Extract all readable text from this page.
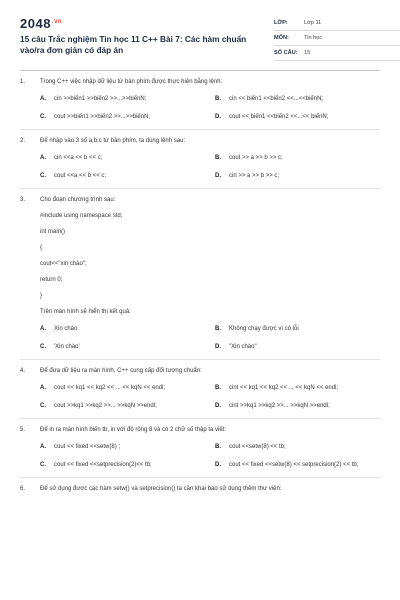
$2048^{.vn}$
15 câu Trắc nghiệm Tin học 11 C++ Bài 7: Các hàm chuẩn vào/ra đơn giản có đáp án
LỚP:	Lớp 11
MÔN:	Tin học
SỐ CÂU:	15
1.	Trong C++ việc nhập dữ liệu từ bàn phím được thực hiện bằng lệnh:
A.	cin >>biến1 >>biến2 >>...>>biếnN;	B.	cin << biến1 <<biến2 <<...<<biếnN;
C.	cout >>biến1 >>biến2 >>...>>biếnN;	D.	cout << biến1 <<biến2 <<...<< biếnN;
2.	Để nhập vào 3 số a,b,c từ bàn phím, ta dùng lệnh sau:
A.	cin <<a << b << c;	B.	cout >> a >> b >> c;
C.	cout <<a << b << c;	D.	cin >> a >> b >> c;
3.	Cho đoạn chương trình sau:
#include using namespace std;
int main()
{
cout<<"xin chào";
return 0;
}
Trên màn hình sẽ hiển thị kết quả:
A.	Xin chào	B.	Không chạy được vì có lỗi
C.	'Xin chào'	D.	"Xin chào"
4.	Để đưa dữ liệu ra màn hình, C++ cung cấp đối tượng chuẩn:
A.	cout << kq1 << kq2 << ... << kqN << endl;	B.	cint << kq1 << kq2 << ... << kqN << endl;
C.	cout >>kq1 >>kq2 >>... >>kqN >>endl;	D.	cint >>kq1 >>kq2 >>... >>kqN >>endl;
5.	Để in ra màn hình biến tb, in với độ rộng 8 và có 2 chữ số thập ta viết:
A.	cout << fixed <<setw(8) ;	B.	cout <<setw(8) << tb;
C.	cout << fixed <<setprecision(2)<< tb;	D.	cout << fixed <<setw(8) << setprecision(2) << tb;
6.	Để sử dụng được các hàm setw() và setprecision() ta cần khai báo sử dụng thêm thư viện:
